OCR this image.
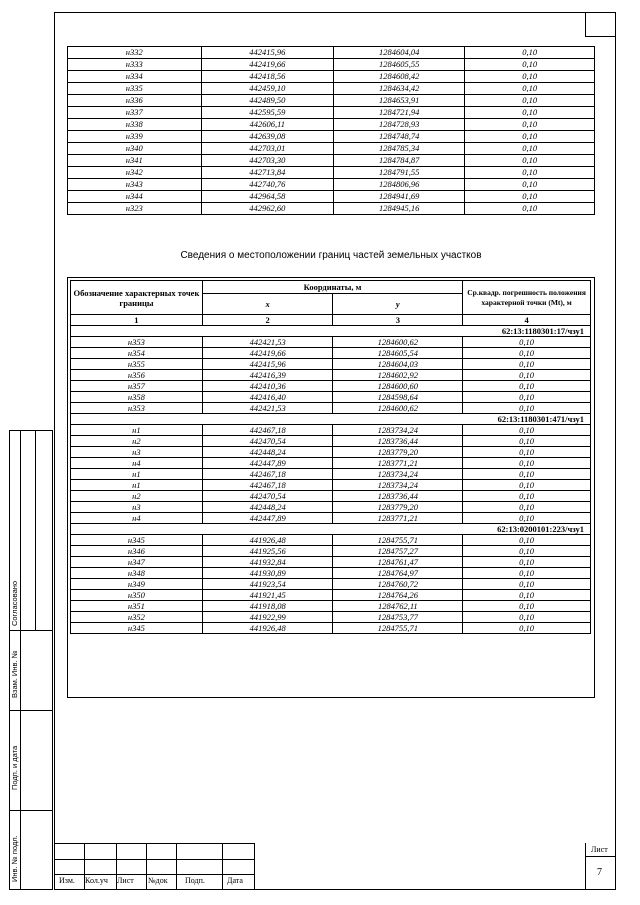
н332	442415,96	1284604,04	0,10
н333	442419,66	1284605,55	0,10
н334	442418,56	1284608,42	0,10
н335	442459,10	1284634,42	0,10
н336	442489,50	1284653,91	0,10
н337	442595,59	1284721,94	0,10
н338	442606,11	1284728,93	0,10
н339	442639,08	1284748,74	0,10
н340	442703,01	1284785,34	0,10
н341	442703,30	1284784,87	0,10
н342	442713,84	1284791,55	0,10
н343	442740,76	1284806,96	0,10
н344	442964,58	1284941,69	0,10
н323	442962,60	1284945,16	0,10
Сведения о местоположении границ частей земельных участков
Обозначение характерных точек границы	Координаты, м		Ср.квадр. погрешность положения характерной точки (Mt), м
	x	y	
1	2	3	4
62:13:1180301:17/чзу1			
н353	442421,53	1284600,62	0,10
н354	442419,66	1284605,54	0,10
н355	442415,96	1284604,03	0,10
н356	442416,39	1284602,92	0,10
н357	442410,36	1284600,60	0,10
н358	442416,40	1284598,64	0,10
н353	442421,53	1284600,62	0,10
62:13:1180301:471/чзу1			
н1	442467,18	1283734,24	0,10
н2	442470,54	1283736,44	0,10
н3	442448,24	1283779,20	0,10
н4	442447,89	1283771,21	0,10
н1	442467,18	1283734,24	0,10
н1	442467,18	1283734,24	0,10
н2	442470,54	1283736,44	0,10
н3	442448,24	1283779,20	0,10
н4	442447,89	1283771,21	0,10
62:13:0200101:223/чзу1			
н345	441926,48	1284755,71	0,10
н346	441925,56	1284757,27	0,10
н347	441932,84	1284761,47	0,10
н348	441930,89	1284764,97	0,10
н349	441923,54	1284760,72	0,10
н350	441921,45	1284764,26	0,10
н351	441918,08	1284762,11	0,10
н352	441922,99	1284753,77	0,10
н345	441926,48	1284755,71	0,10
Согласовано
Взам. Инв. №
Подп. и дата
Инв. № подл.	Изм. Кол.уч Лист №док Подп.	Дата
Лист
7
